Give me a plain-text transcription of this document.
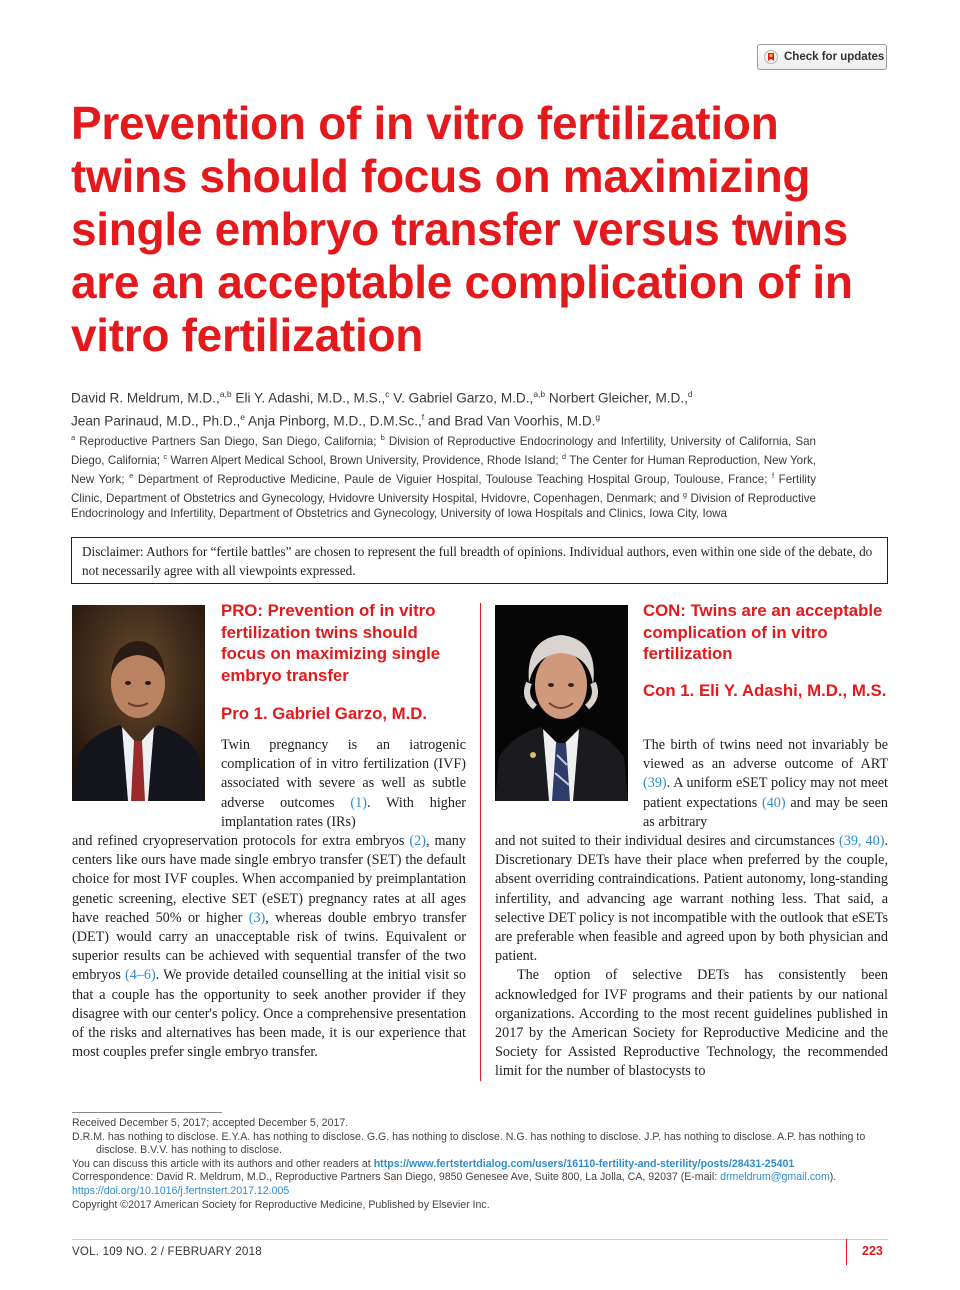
Check for updates
Prevention of in vitro fertilization twins should focus on maximizing single embryo transfer versus twins are an acceptable complication of in vitro fertilization
David R. Meldrum, M.D.,$^{a,b}$ Eli Y. Adashi, M.D., M.S.,$^c$ V. Gabriel Garzo, M.D.,$^{a,b}$ Norbert Gleicher, M.D.,$^d$
Jean Parinaud, M.D., Ph.D.,$^e$ Anja Pinborg, M.D., D.M.Sc.,$^f$ and Brad Van Voorhis, M.D.$^g$
$^a$ Reproductive Partners San Diego, San Diego, California; $^b$ Division of Reproductive Endocrinology and Infertility, University of California, San Diego, California; $^c$ Warren Alpert Medical School, Brown University, Providence, Rhode Island; $^d$ The Center for Human Reproduction, New York, New York; $^e$ Department of Reproductive Medicine, Paule de Viguier Hospital, Toulouse Teaching Hospital Group, Toulouse, France; $^f$ Fertility Clinic, Department of Obstetrics and Gynecology, Hvidovre University Hospital, Hvidovre, Copenhagen, Denmark; and $^g$ Division of Reproductive Endocrinology and Infertility, Department of Obstetrics and Gynecology, University of Iowa Hospitals and Clinics, Iowa City, Iowa
Disclaimer: Authors for “fertile battles” are chosen to represent the full breadth of opinions. Individual authors, even within one side of the debate, do not necessarily agree with all viewpoints expressed.
PRO: Prevention of in vitro fertilization twins should focus on maximizing single embryo transfer
Pro 1. Gabriel Garzo, M.D.
CON: Twins are an acceptable complication of in vitro fertilization
Con 1. Eli Y. Adashi, M.D., M.S.

Twin pregnancy is an iatrogenic complication of in vitro fertilization (IVF) associated with severe as well as subtle adverse outcomes (1). With higher implantation rates (IRs)

and refined cryopreservation protocols for extra embryos (2), many centers like ours have made single embryo transfer (SET) the default choice for most IVF couples. When accompanied by preimplantation genetic screening, elective SET (eSET) pregnancy rates at all ages have reached 50% or higher (3), whereas double embryo transfer (DET) would carry an unacceptable risk of twins. Equivalent or superior results can be achieved with sequential transfer of the two embryos (4–6). We provide detailed counselling at the initial visit so that a couple has the opportunity to seek another provider if they disagree with our center's policy. Once a comprehensive presentation of the risks and alternatives has been made, it is our experience that most couples prefer single embryo transfer.

The birth of twins need not invariably be viewed as an adverse outcome of ART (39). A uniform eSET policy may not meet patient expectations (40) and may be seen as arbitrary

and not suited to their individual desires and circumstances (39, 40). Discretionary DETs have their place when preferred by the couple, absent overriding contraindications. Patient autonomy, long-standing infertility, and advancing age warrant nothing less. That said, a selective DET policy is not incompatible with the outlook that eSETs are preferable when feasible and agreed upon by both physician and patient.

The option of selective DETs has consistently been acknowledged for IVF programs and their patients by our national organizations. According to the most recent guidelines published in 2017 by the American Society for Reproductive Medicine and the Society for Assisted Reproductive Technology, the recommended limit for the number of blastocysts to

Received December 5, 2017; accepted December 5, 2017.

D.R.M. has nothing to disclose. E.Y.A. has nothing to disclose. G.G. has nothing to disclose. N.G. has nothing to disclose. J.P. has nothing to disclose. A.P. has nothing to disclose. B.V.V. has nothing to disclose.

You can discuss this article with its authors and other readers at https://www.fertstertdialog.com/users/16110-fertility-and-sterility/posts/28431-25401

Correspondence: David R. Meldrum, M.D., Reproductive Partners San Diego, 9850 Genesee Ave, Suite 800, La Jolla, CA, 92037 (E-mail: drmeldrum@gmail.com).

https://doi.org/10.1016/j.fertnstert.2017.12.005

Copyright ©2017 American Society for Reproductive Medicine, Published by Elsevier Inc.

VOL. 109 NO. 2 / FEBRUARY 2018	223
